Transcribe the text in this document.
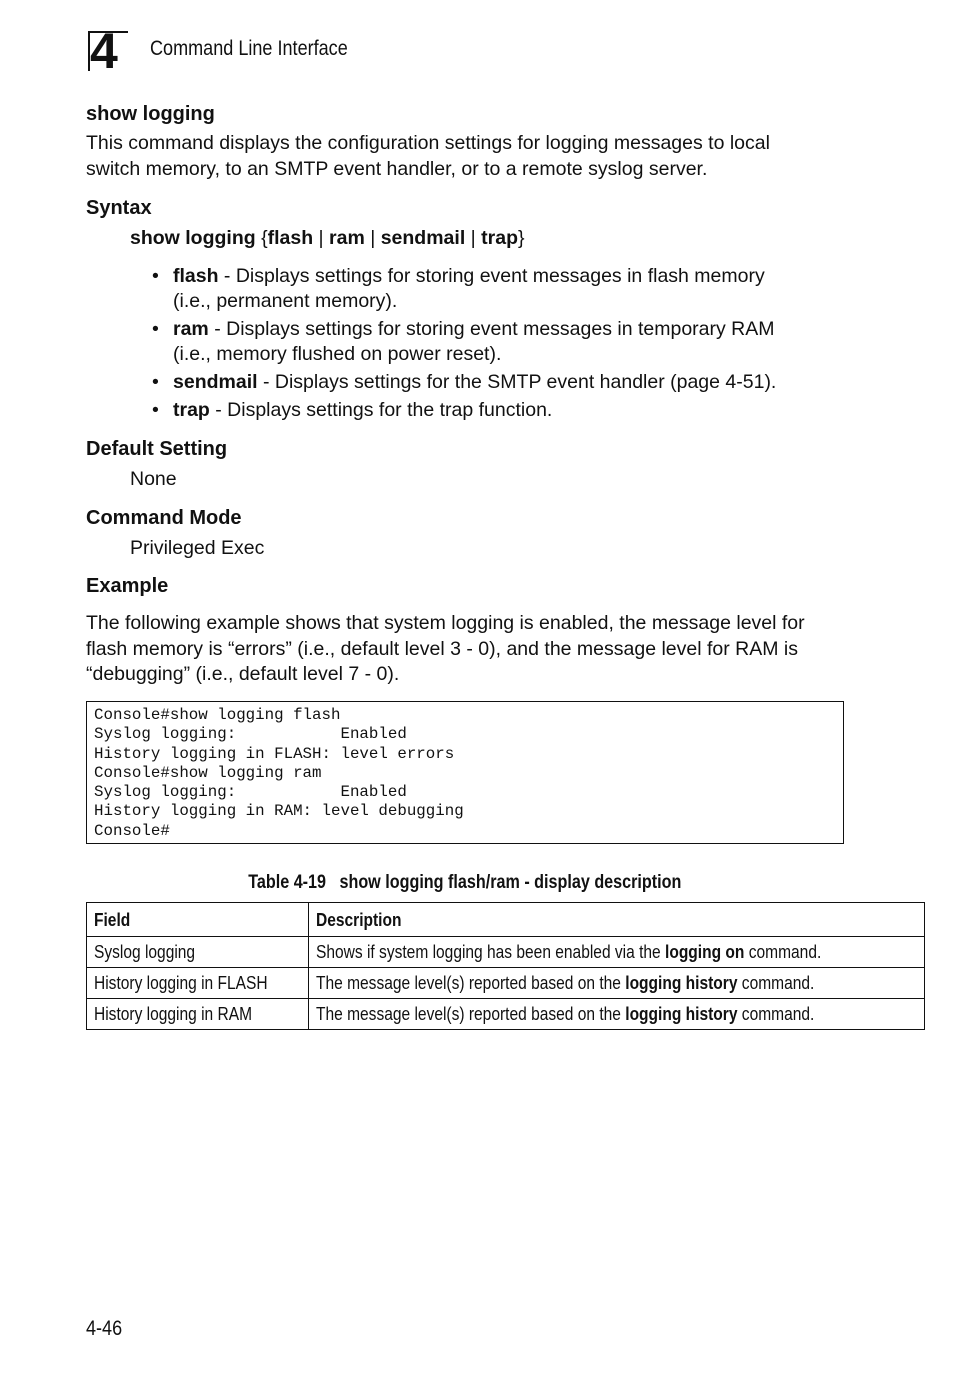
4 Command Line Interface
show logging

This command displays the configuration settings for logging messages to local

switch memory, to an SMTP event handler, or to a remote syslog server.

Syntax
show logging {flash | ram | sendmail | trap}
• flash - Displays settings for storing event messages in flash memory
(i.e., permanent memory).
• ram - Displays settings for storing event messages in temporary RAM
(i.e., memory flushed on power reset).
• sendmail - Displays settings for the SMTP event handler (page 4-51).
• trap - Displays settings for the trap function.
Default Setting
None
Command Mode
Privileged Exec
Example

The following example shows that system logging is enabled, the message level for

flash memory is “errors” (i.e., default level 3 - 0), and the message level for RAM is

“debugging” (i.e., default level 7 - 0).

Console#show logging flash
Syslog logging:           Enabled
History logging in FLASH: level errors
Console#show logging ram
Syslog logging:           Enabled
History logging in RAM: level debugging
Console#
Table 4-19   show logging flash/ram - display description
Field	Description
Syslog logging	Shows if system logging has been enabled via the logging on command.
History logging in FLASH	The message level(s) reported based on the logging history command.
History logging in RAM	The message level(s) reported based on the logging history command.
4-46
